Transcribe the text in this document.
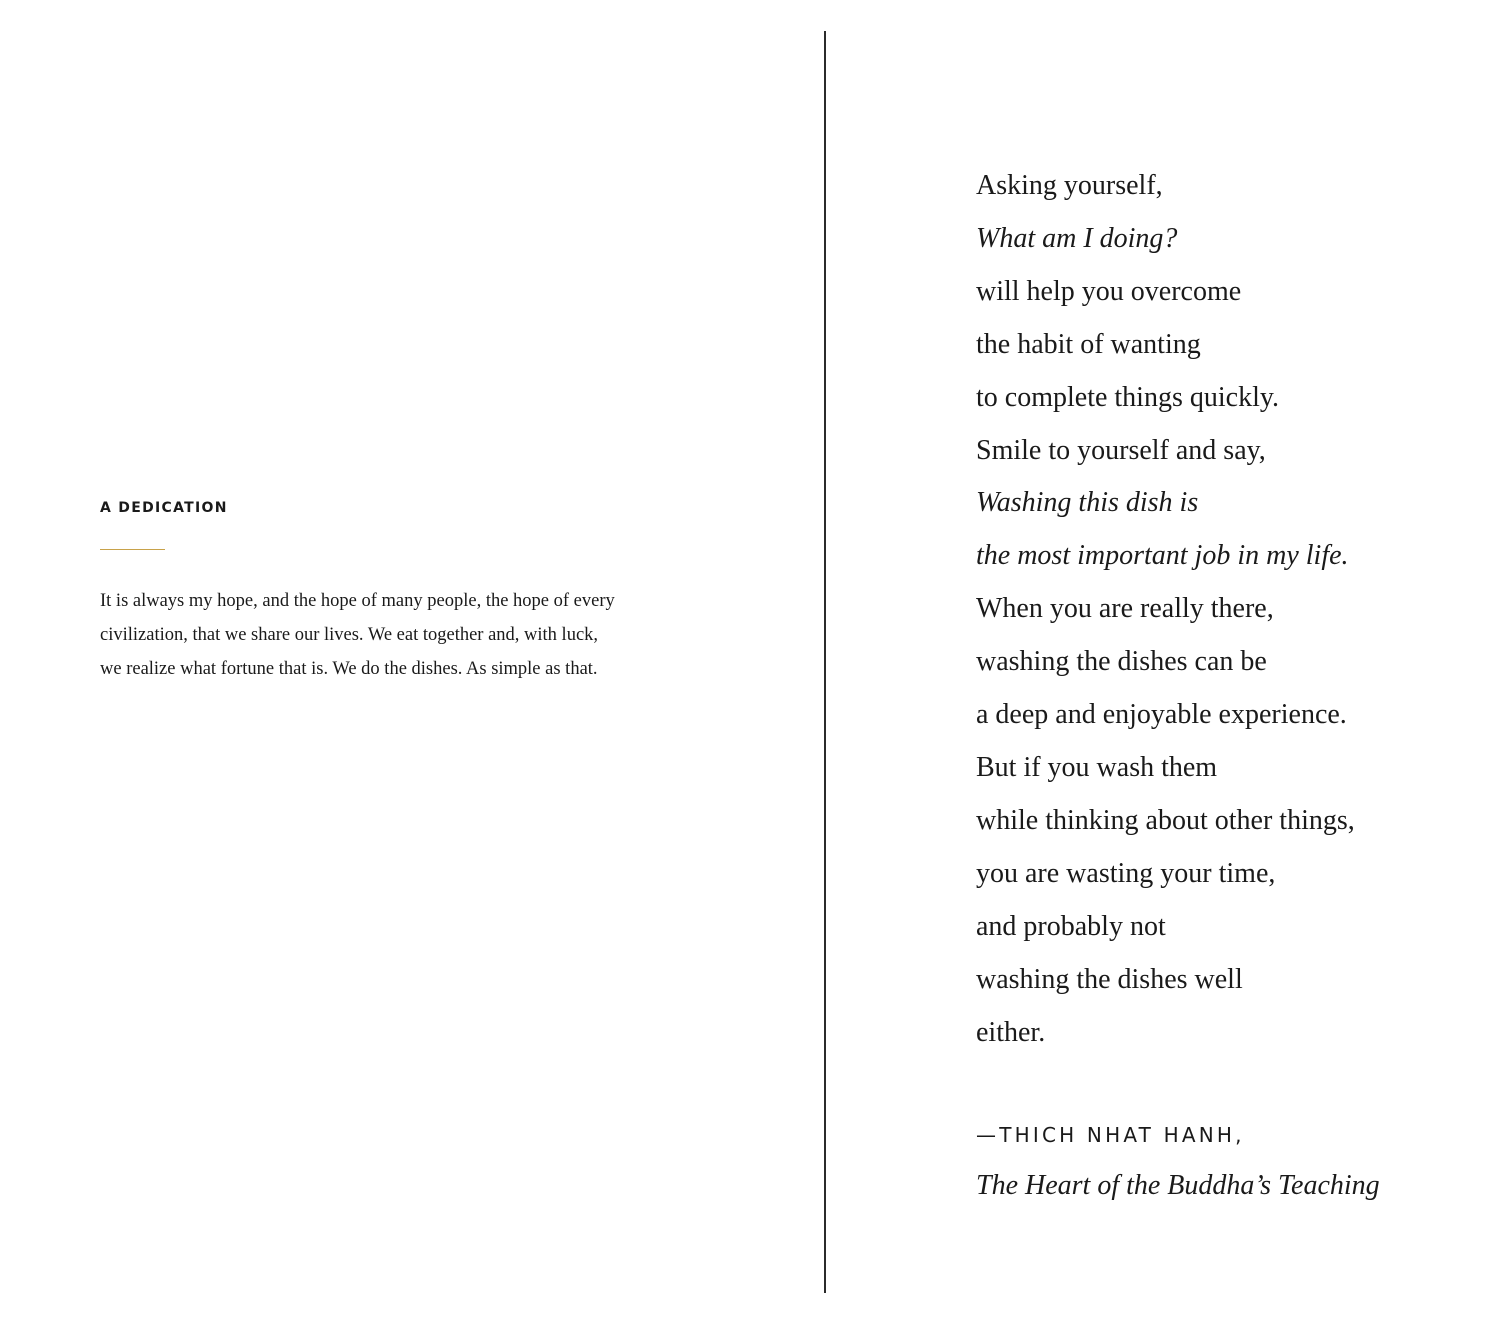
A DEDICATION
It is always my hope, and the hope of many people, the hope of every
civilization, that we share our lives. We eat together and, with luck,
we realize what fortune that is. We do the dishes. As simple as that.
Asking yourself,
What am I doing?
will help you overcome
the habit of wanting
to complete things quickly.
Smile to yourself and say,
Washing this dish is
the most important job in my life.
When you are really there,
washing the dishes can be
a deep and enjoyable experience.
But if you wash them
while thinking about other things,
you are wasting your time,
and probably not
washing the dishes well
either.
—THICH NHAT HANH,
The Heart of the Buddha’s Teaching
